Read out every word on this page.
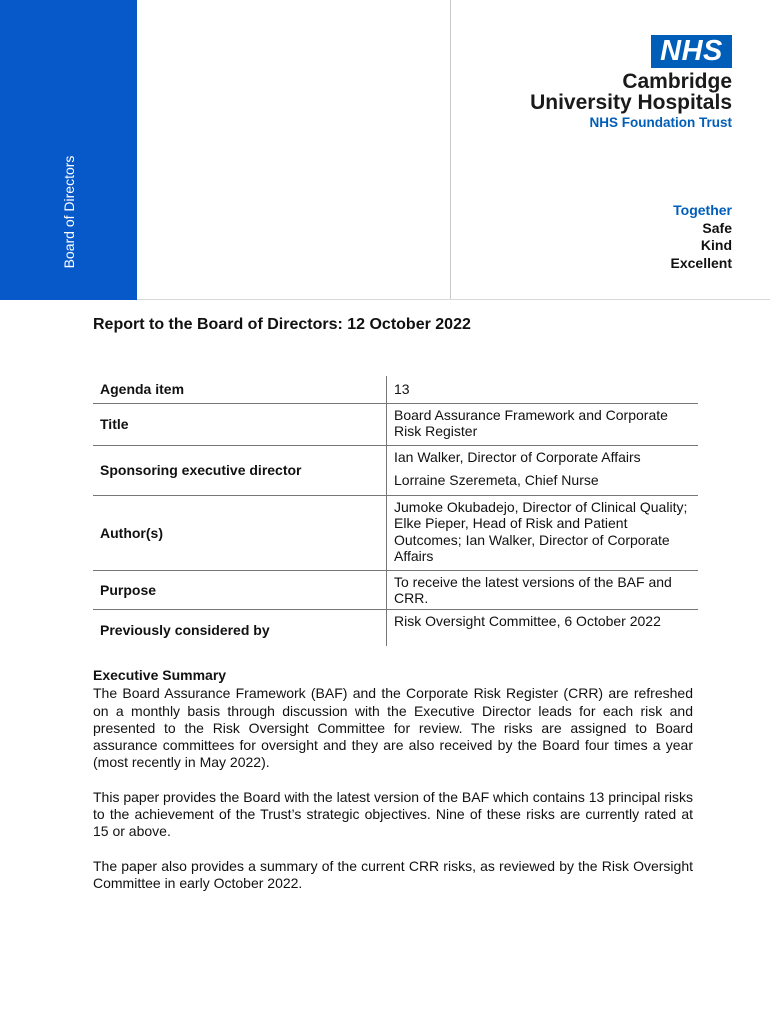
Board of Directors
NHS
Cambridge
University Hospitals
NHS Foundation Trust
Together
Safe
Kind
Excellent
Report to the Board of Directors: 12 October 2022
Agenda item	13

Title	Board Assurance Framework and Corporate Risk Register

Sponsoring executive director	Ian Walker, Director of Corporate Affairs
Lorraine Szeremeta, Chief Nurse

Author(s)	Jumoke Okubadejo, Director of Clinical Quality; Elke Pieper, Head of Risk and Patient Outcomes; Ian Walker, Director of Corporate Affairs

Purpose	To receive the latest versions of the BAF and CRR.

Previously considered by	Risk Oversight Committee, 6 October 2022
Executive Summary

The Board Assurance Framework (BAF) and the Corporate Risk Register (CRR) are refreshed on a monthly basis through discussion with the Executive Director leads for each risk and presented to the Risk Oversight Committee for review. The risks are assigned to Board assurance committees for oversight and they are also received by the Board four times a year (most recently in May 2022).

This paper provides the Board with the latest version of the BAF which contains 13 principal risks to the achievement of the Trust’s strategic objectives. Nine of these risks are currently rated at 15 or above.

The paper also provides a summary of the current CRR risks, as reviewed by the Risk Oversight Committee in early October 2022.
